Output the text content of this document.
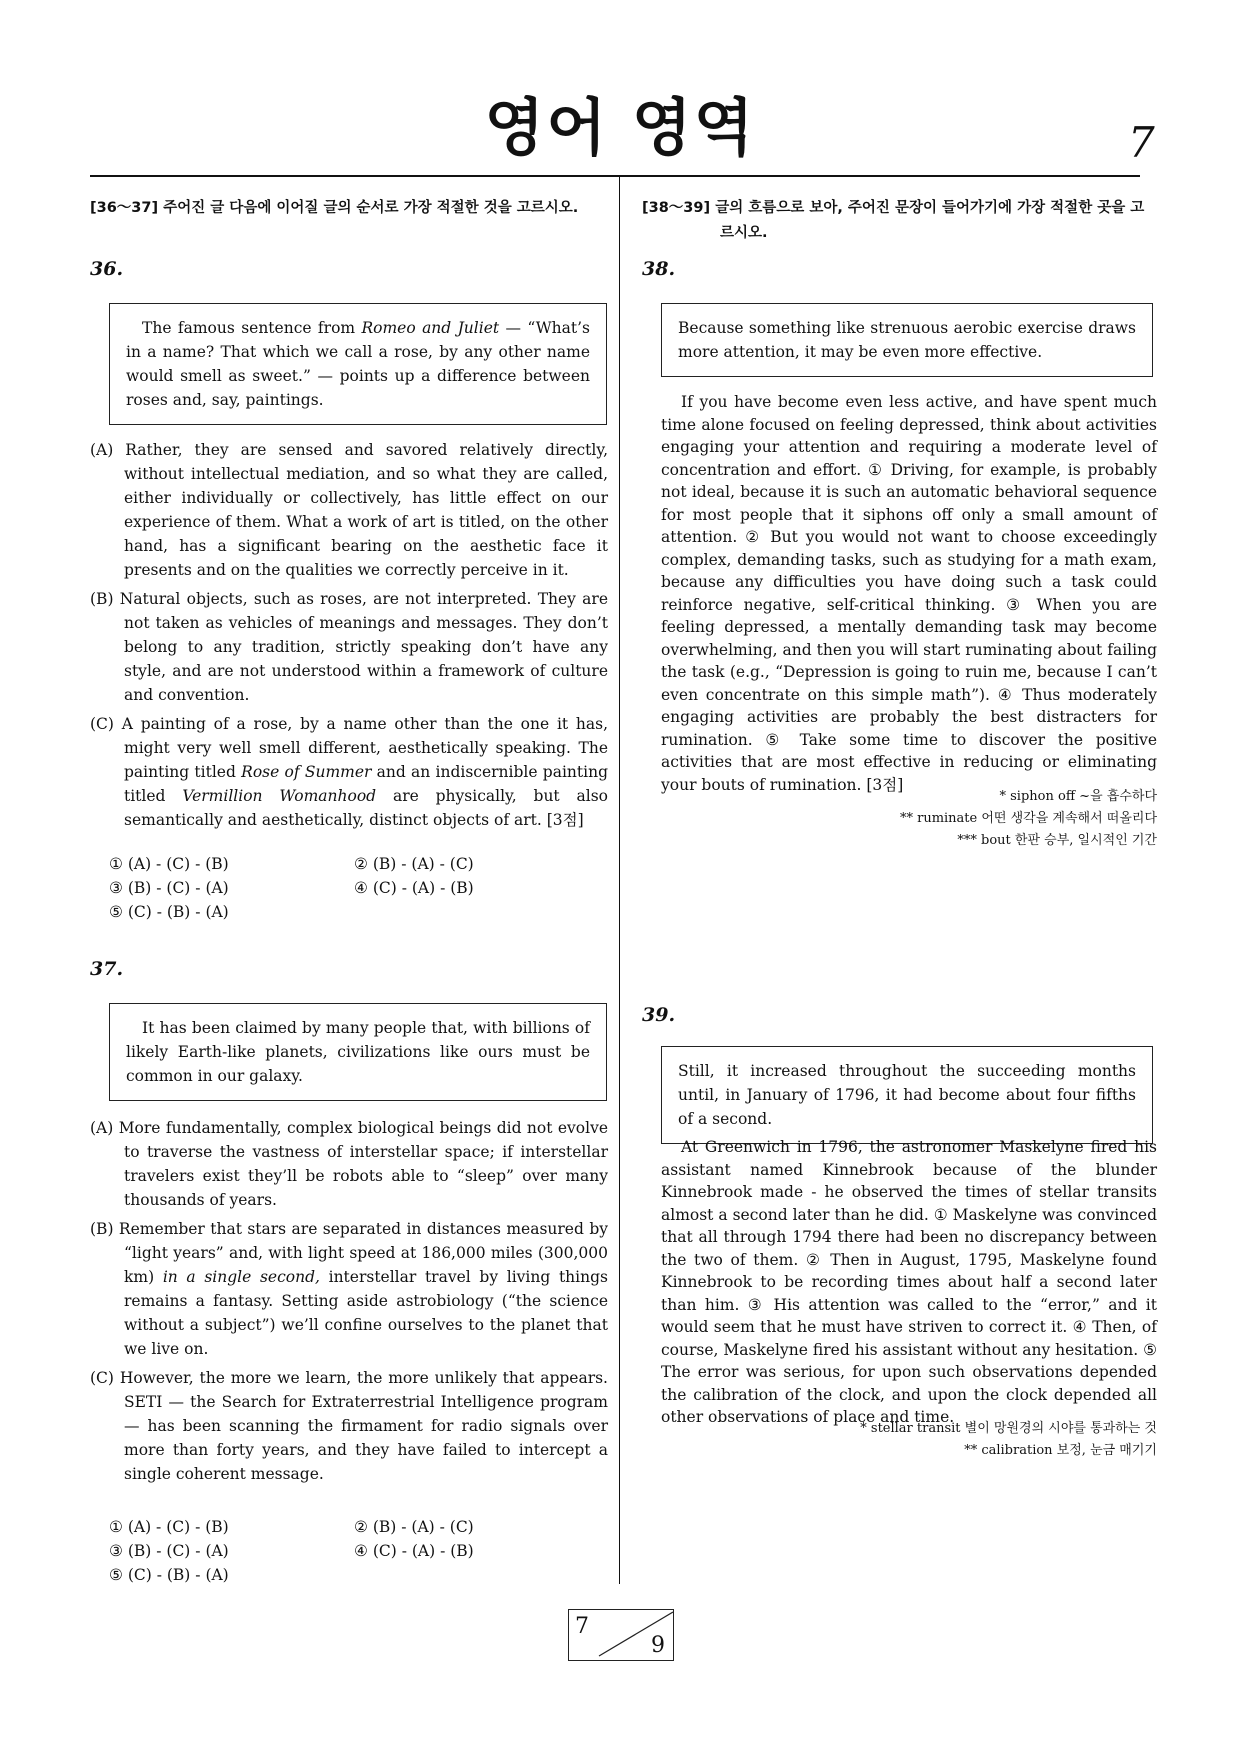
영어 영역	7
[36～37] 주어진 글 다음에 이어질 글의 순서로 가장 적절한 것을 고르시오.
36.
The famous sentence from Romeo and Juliet — “What’s in a name? That which we call a rose, by any other name would smell as sweet.” — points up a difference between roses and, say, paintings.
(A) Rather, they are sensed and savored relatively directly, without intellectual mediation, and so what they are called, either individually or collectively, has little effect on our experience of them. What a work of art is titled, on the other hand, has a significant bearing on the aesthetic face it presents and on the qualities we correctly perceive in it.
(B) Natural objects, such as roses, are not interpreted. They are not taken as vehicles of meanings and messages. They don’t belong to any tradition, strictly speaking don’t have any style, and are not understood within a framework of culture and convention.
(C) A painting of a rose, by a name other than the one it has, might very well smell different, aesthetically speaking. The painting titled Rose of Summer and an indiscernible painting titled Vermillion Womanhood are physically, but also semantically and aesthetically, distinct objects of art. [3점]
① (A) - (C) - (B)	② (B) - (A) - (C)
③ (B) - (C) - (A)	④ (C) - (A) - (B)
⑤ (C) - (B) - (A)
37.
It has been claimed by many people that, with billions of likely Earth-like planets, civilizations like ours must be common in our galaxy.
(A) More fundamentally, complex biological beings did not evolve to traverse the vastness of interstellar space; if interstellar travelers exist they’ll be robots able to “sleep” over many thousands of years.
(B) Remember that stars are separated in distances measured by “light years” and, with light speed at 186,000 miles (300,000 km) in a single second, interstellar travel by living things remains a fantasy. Setting aside astrobiology (“the science without a subject”) we’ll confine ourselves to the planet that we live on.
(C) However, the more we learn, the more unlikely that appears. SETI — the Search for Extraterrestrial Intelligence program — has been scanning the firmament for radio signals over more than forty years, and they have failed to intercept a single coherent message.
① (A) - (C) - (B)	② (B) - (A) - (C)
③ (B) - (C) - (A)	④ (C) - (A) - (B)
⑤ (C) - (B) - (A)
[38～39] 글의 흐름으로 보아, 주어진 문장이 들어가기에 가장 적절한 곳을 고르시오.
38.
Because something like strenuous aerobic exercise draws more attention, it may be even more effective.
If you have become even less active, and have spent much time alone focused on feeling depressed, think about activities engaging your attention and requiring a moderate level of concentration and effort. ① Driving, for example, is probably not ideal, because it is such an automatic behavioral sequence for most people that it siphons off only a small amount of attention. ② But you would not want to choose exceedingly complex, demanding tasks, such as studying for a math exam, because any difficulties you have doing such a task could reinforce negative, self-critical thinking. ③ When you are feeling depressed, a mentally demanding task may become overwhelming, and then you will start ruminating about failing the task (e.g., “Depression is going to ruin me, because I can’t even concentrate on this simple math”). ④ Thus moderately engaging activities are probably the best distracters for rumination. ⑤ Take some time to discover the positive activities that are most effective in reducing or eliminating your bouts of rumination. [3점]
* siphon off ~을 흡수하다
** ruminate 어떤 생각을 계속해서 떠올리다
*** bout 한판 승부, 일시적인 기간
39.
Still, it increased throughout the succeeding months until, in January of 1796, it had become about four fifths of a second.
At Greenwich in 1796, the astronomer Maskelyne fired his assistant named Kinnebrook because of the blunder Kinnebrook made - he observed the times of stellar transits almost a second later than he did. ① Maskelyne was convinced that all through 1794 there had been no discrepancy between the two of them. ② Then in August, 1795, Maskelyne found Kinnebrook to be recording times about half a second later than him. ③ His attention was called to the “error,” and it would seem that he must have striven to correct it. ④ Then, of course, Maskelyne fired his assistant without any hesitation. ⑤ The error was serious, for upon such observations depended the calibration of the clock, and upon the clock depended all other observations of place and time.
* stellar transit 별이 망원경의 시야를 통과하는 것
** calibration 보정, 눈금 매기기
7
9
